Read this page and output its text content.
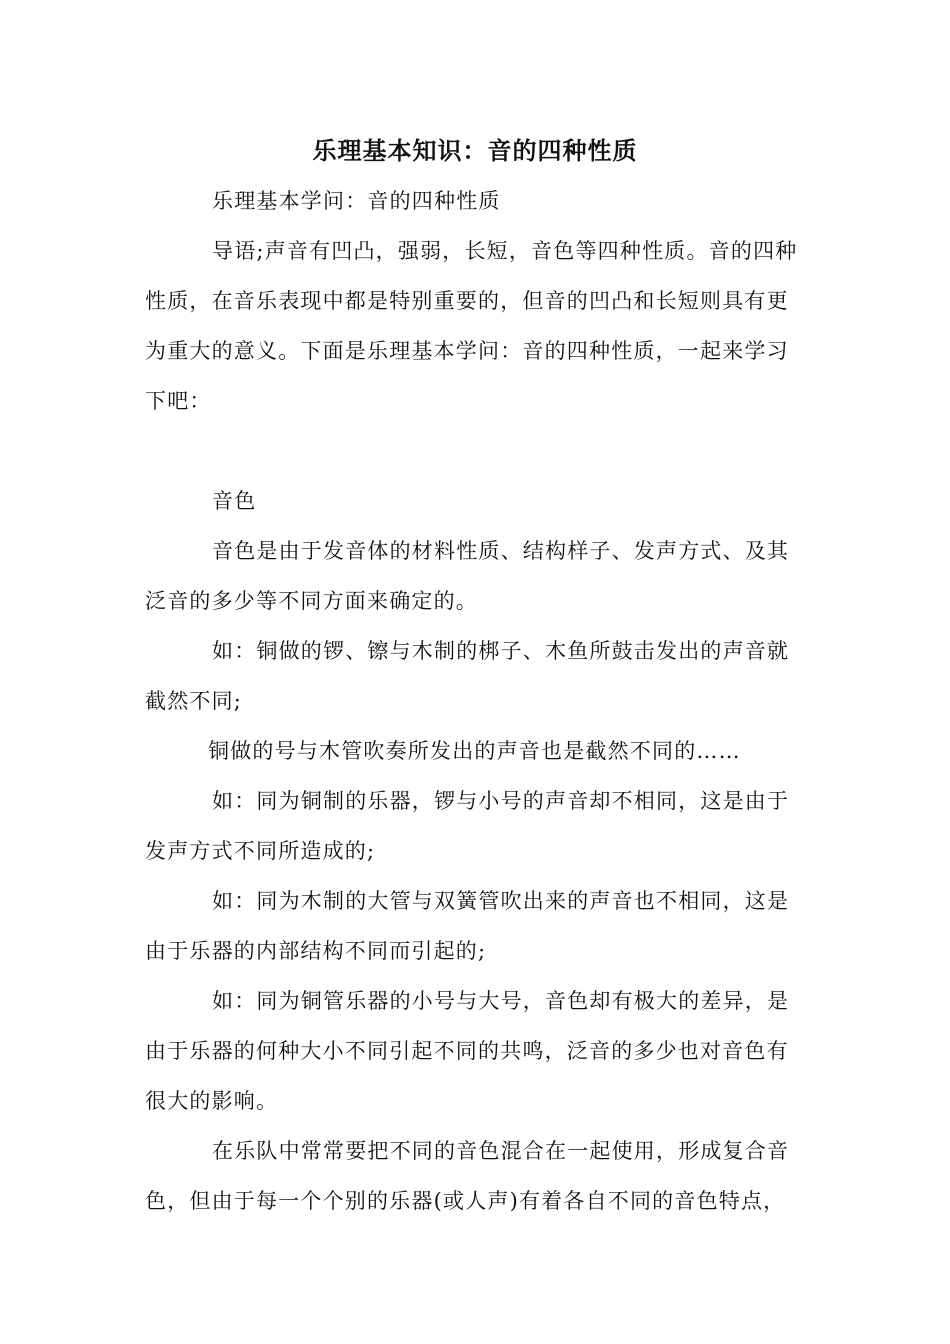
乐理基本知识：音的四种性质
乐理基本学问：音的四种性质
导语;声音有凹凸，强弱，长短，音色等四种性质。音的四种
性质，在音乐表现中都是特别重要的，但音的凹凸和长短则具有更
为重大的意义。下面是乐理基本学问：音的四种性质，一起来学习
下吧：
音色
音色是由于发音体的材料性质、结构样子、发声方式、及其
泛音的多少等不同方面来确定的。
如：铜做的锣、镲与木制的梆子、木鱼所鼓击发出的声音就
截然不同;
铜做的号与木管吹奏所发出的声音也是截然不同的……
如：同为铜制的乐器，锣与小号的声音却不相同，这是由于
发声方式不同所造成的;
如：同为木制的大管与双簧管吹出来的声音也不相同，这是
由于乐器的内部结构不同而引起的;
如：同为铜管乐器的小号与大号，音色却有极大的差异，是
由于乐器的何种大小不同引起不同的共鸣，泛音的多少也对音色有
很大的影响。
在乐队中常常要把不同的音色混合在一起使用，形成复合音
色，但由于每一个个别的乐器(或人声)有着各自不同的音色特点，
